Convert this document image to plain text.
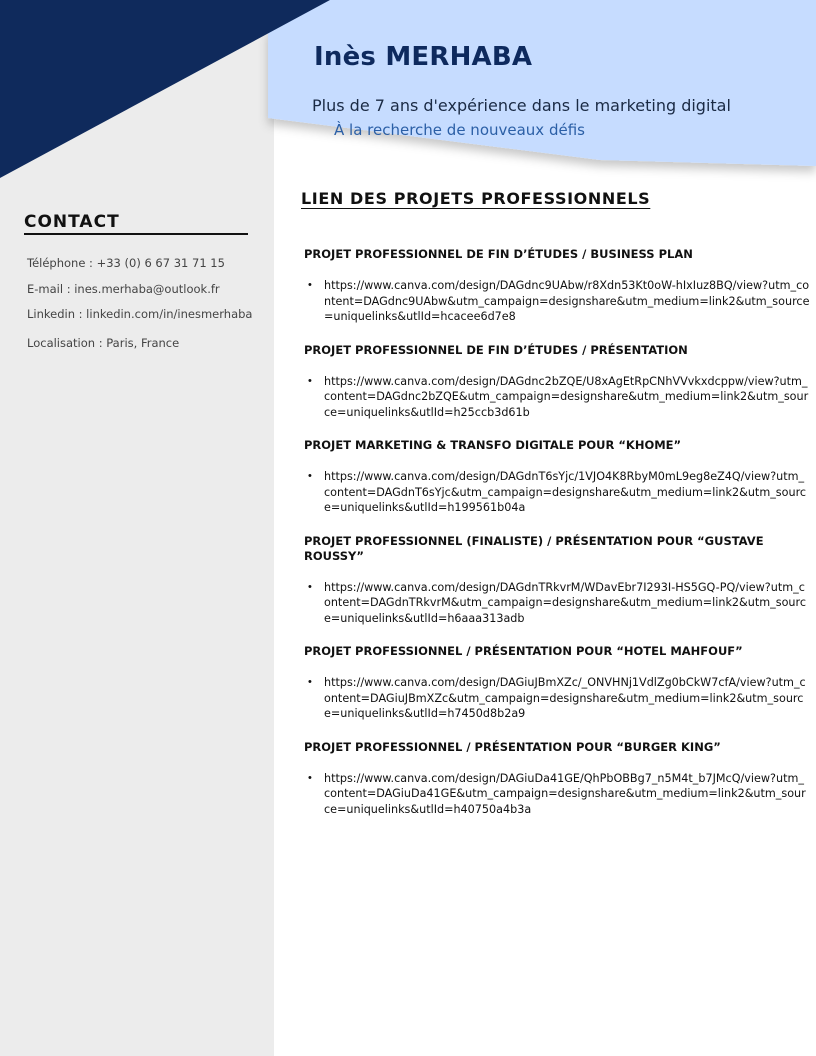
Inès MERHABA

Plus de 7 ans d'expérience dans le marketing digital

À la recherche de nouveaux défis

CONTACT

Téléphone : +33 (0) 6 67 31 71 15

E-mail : ines.merhaba@outlook.fr

Linkedin : linkedin.com/in/inesmerhaba

Localisation : Paris, France

LIEN DES PROJETS PROFESSIONNELS

PROJET PROFESSIONNEL DE FIN D’ÉTUDES / BUSINESS PLAN

•	https://www.canva.com/design/DAGdnc9UAbw/r8Xdn53Kt0oW-hIxIuz8BQ/view?utm_content=DAGdnc9UAbw&utm_campaign=designshare&utm_medium=link2&utm_source=uniquelinks&utlId=hcacee6d7e8

PROJET PROFESSIONNEL DE FIN D’ÉTUDES / PRÉSENTATION

•	https://www.canva.com/design/DAGdnc2bZQE/U8xAgEtRpCNhVVvkxdcppw/view?utm_content=DAGdnc2bZQE&utm_campaign=designshare&utm_medium=link2&utm_source=uniquelinks&utlId=h25ccb3d61b

PROJET MARKETING & TRANSFO DIGITALE POUR “KHOME”

•	https://www.canva.com/design/DAGdnT6sYjc/1VJO4K8RbyM0mL9eg8eZ4Q/view?utm_content=DAGdnT6sYjc&utm_campaign=designshare&utm_medium=link2&utm_source=uniquelinks&utlId=h199561b04a

PROJET PROFESSIONNEL (FINALISTE) / PRÉSENTATION POUR “GUSTAVE ROUSSY”

•	https://www.canva.com/design/DAGdnTRkvrM/WDavEbr7I293I-HS5GQ-PQ/view?utm_content=DAGdnTRkvrM&utm_campaign=designshare&utm_medium=link2&utm_source=uniquelinks&utlId=h6aaa313adb

PROJET PROFESSIONNEL / PRÉSENTATION POUR “HOTEL MAHFOUF”

•	https://www.canva.com/design/DAGiuJBmXZc/_ONVHNj1VdlZg0bCkW7cfA/view?utm_content=DAGiuJBmXZc&utm_campaign=designshare&utm_medium=link2&utm_source=uniquelinks&utlId=h7450d8b2a9

PROJET PROFESSIONNEL / PRÉSENTATION POUR “BURGER KING”

•	https://www.canva.com/design/DAGiuDa41GE/QhPbOBBg7_n5M4t_b7JMcQ/view?utm_content=DAGiuDa41GE&utm_campaign=designshare&utm_medium=link2&utm_source=uniquelinks&utlId=h40750a4b3a
